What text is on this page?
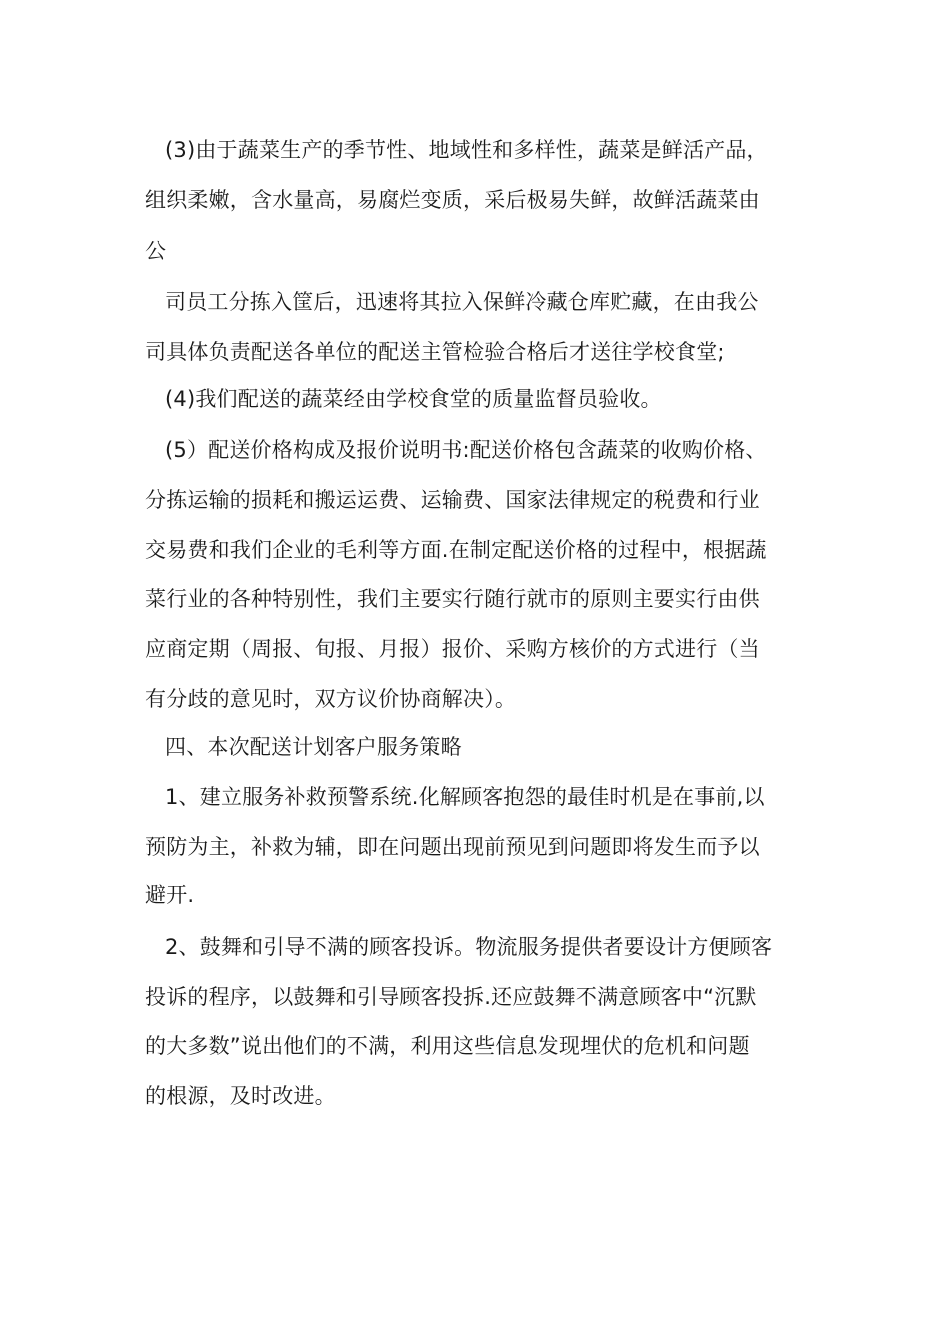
(3)由于蔬菜生产的季节性、地域性和多样性，蔬菜是鲜活产品，
组织柔嫩，含水量高，易腐烂变质，采后极易失鲜，故鲜活蔬菜由
公
司员工分拣入筐后，迅速将其拉入保鲜冷藏仓库贮藏，在由我公
司具体负责配送各单位的配送主管检验合格后才送往学校食堂;
(4)我们配送的蔬菜经由学校食堂的质量监督员验收。
(5）配送价格构成及报价说明书:配送价格包含蔬菜的收购价格、
分拣运输的损耗和搬运运费、运输费、国家法律规定的税费和行业
交易费和我们企业的毛利等方面.在制定配送价格的过程中，根据蔬
菜行业的各种特别性，我们主要实行随行就市的原则主要实行由供
应商定期（周报、旬报、月报）报价、采购方核价的方式进行（当
有分歧的意见时，双方议价协商解决）。
四、本次配送计划客户服务策略
1、建立服务补救预警系统.化解顾客抱怨的最佳时机是在事前,以
预防为主，补救为辅，即在问题出现前预见到问题即将发生而予以
避开.
2、鼓舞和引导不满的顾客投诉。物流服务提供者要设计方便顾客
投诉的程序，以鼓舞和引导顾客投拆.还应鼓舞不满意顾客中“沉默
的大多数”说出他们的不满，利用这些信息发现埋伏的危机和问题
的根源，及时改进。
